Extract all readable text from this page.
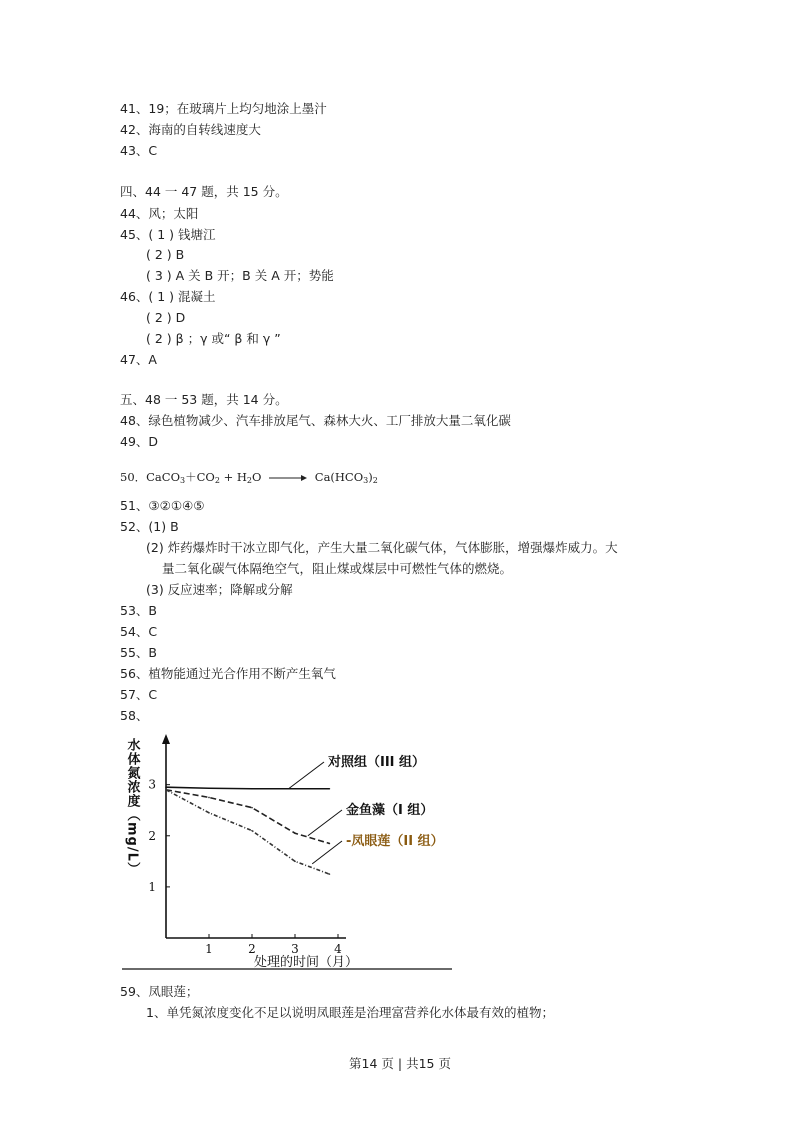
41、19；在玻璃片上均匀地涂上墨汁
42、海南的自转线速度大
43、C
四、44 一 47 题，共 15 分。
44、风；太阳
45、( 1 ) 钱塘江
( 2 ) B
( 3 ) A 关 B 开；B 关 A 开；势能
46、( 1 ) 混凝土
( 2 ) D
( 2 ) β ；γ 或“ β 和 γ ”
47、A
五、48 一 53 题，共 14 分。
48、绿色植物减少、汽车排放尾气、森林大火、工厂排放大量二氧化碳
49、D
51、③②①④⑤
52、(1) B
(2) 炸药爆炸时干冰立即气化，产生大量二氧化碳气体，气体膨胀，增强爆炸威力。大
量二氧化碳气体隔绝空气，阻止煤或煤层中可燃性气体的燃烧。
(3) 反应速率；降解或分解
53、B
54、C
55、B
56、植物能通过光合作用不断产生氧气
57、C
58、
59、凤眼莲；
1、单凭氮浓度变化不足以说明凤眼莲是治理富营养化水体最有效的植物；
50．$CaCO_3+CO_2 + H_2O \to Ca(HCO_3)_2$
1
2
3
1	2	3	4
水体氮浓度（mg/L）
处理的时间（月）
对照组（III 组）
金鱼藻（I 组）
-凤眼莲（II 组）
第14 页 | 共15 页
